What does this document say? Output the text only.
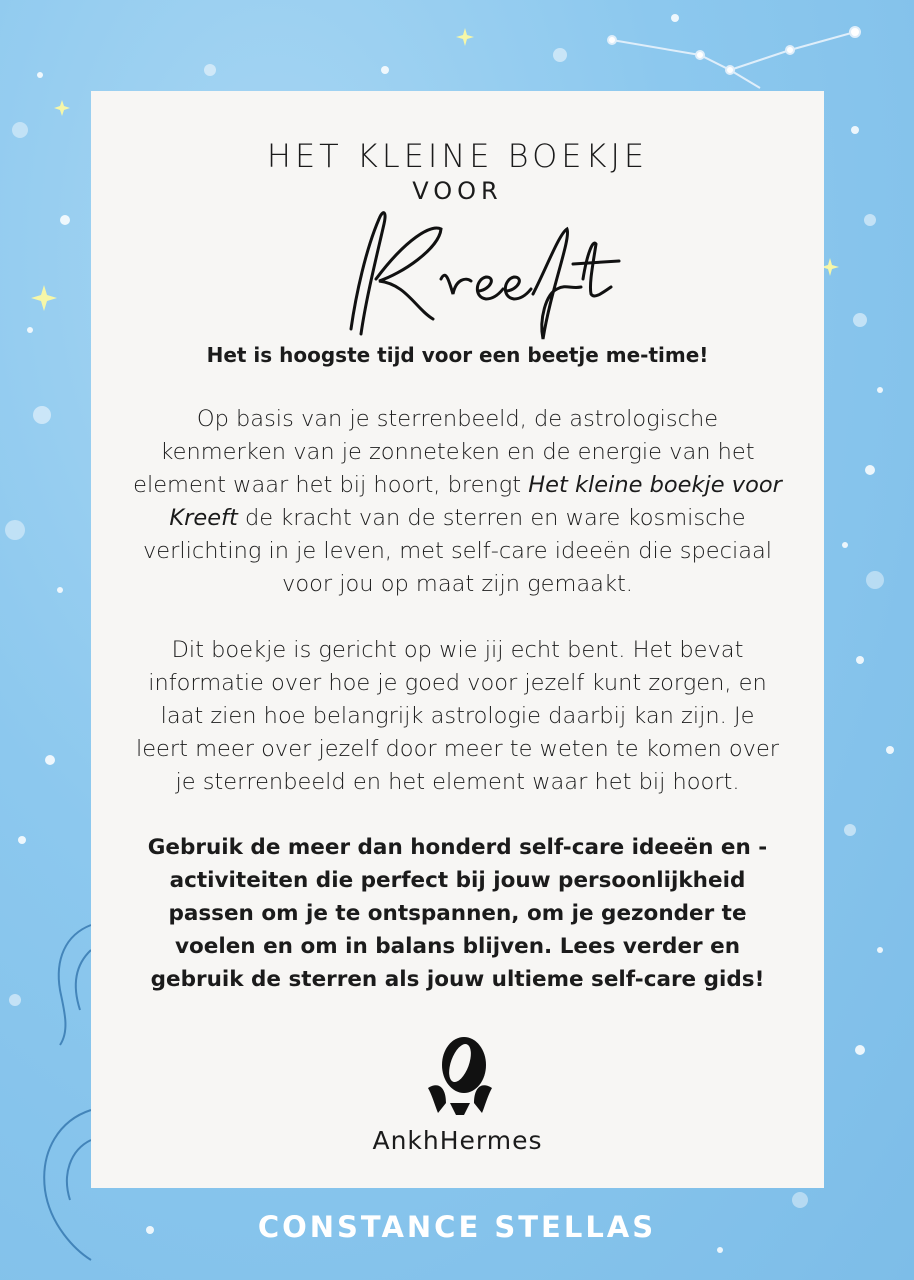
HET KLEINE BOEKJE
VOOR
Het is hoogste tijd voor een beetje me-time!
Op basis van je sterrenbeeld, de astrologische kenmerken van je zonneteken en de energie van het element waar het bij hoort, brengt Het kleine boekje voor Kreeft de kracht van de sterren en ware kosmische verlichting in je leven, met self-care ideeën die speciaal voor jou op maat zijn gemaakt.
Dit boekje is gericht op wie jij echt bent. Het bevat informatie over hoe je goed voor jezelf kunt zorgen, en laat zien hoe belangrijk astrologie daarbij kan zijn. Je leert meer over jezelf door meer te weten te komen over je sterrenbeeld en het element waar het bij hoort.
Gebruik de meer dan honderd self-care ideeën en -activiteiten die perfect bij jouw persoonlijkheid passen om je te ontspannen, om je gezonder te voelen en om in balans blijven. Lees verder en gebruik de sterren als jouw ultieme self-care gids!
AnkhHermes
CONSTANCE STELLAS
